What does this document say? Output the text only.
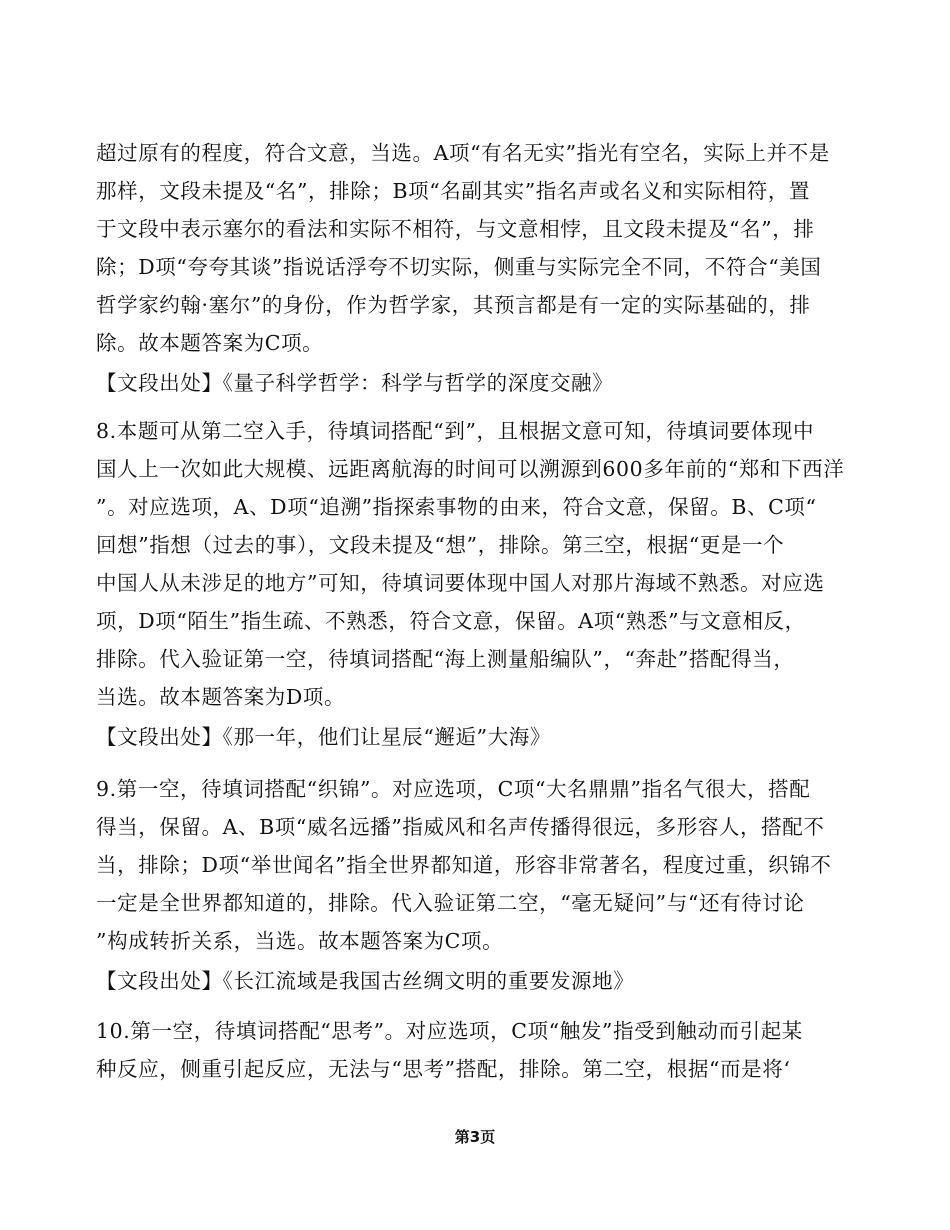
超过原有的程度，符合文意，当选。A项“有名无实”指光有空名，实际上并不是
那样，文段未提及“名”，排除；B项“名副其实”指名声或名义和实际相符，置
于文段中表示塞尔的看法和实际不相符，与文意相悖，且文段未提及“名”，排
除；D项“夸夸其谈”指说话浮夸不切实际，侧重与实际完全不同，不符合“美国
哲学家约翰·塞尔”的身份，作为哲学家，其预言都是有一定的实际基础的，排
除。故本题答案为C项。
【文段出处】《量子科学哲学：科学与哲学的深度交融》
8.本题可从第二空入手，待填词搭配“到”，且根据文意可知，待填词要体现中
国人上一次如此大规模、远距离航海的时间可以溯源到600多年前的“郑和下西洋
”。对应选项，A、D项“追溯”指探索事物的由来，符合文意，保留。B、C项“
回想”指想（过去的事），文段未提及“想”，排除。第三空，根据“更是一个
中国人从未涉足的地方”可知，待填词要体现中国人对那片海域不熟悉。对应选
项，D项“陌生”指生疏、不熟悉，符合文意，保留。A项“熟悉”与文意相反，
排除。代入验证第一空，待填词搭配“海上测量船编队”，“奔赴”搭配得当，
当选。故本题答案为D项。
【文段出处】《那一年，他们让星辰“邂逅”大海》
9.第一空，待填词搭配“织锦”。对应选项，C项“大名鼎鼎”指名气很大，搭配
得当，保留。A、B项“威名远播”指威风和名声传播得很远，多形容人，搭配不
当，排除；D项“举世闻名”指全世界都知道，形容非常著名，程度过重，织锦不
一定是全世界都知道的，排除。代入验证第二空，“毫无疑问”与“还有待讨论
”构成转折关系，当选。故本题答案为C项。
【文段出处】《长江流域是我国古丝绸文明的重要发源地》
10.第一空，待填词搭配“思考”。对应选项，C项“触发”指受到触动而引起某
种反应，侧重引起反应，无法与“思考”搭配，排除。第二空，根据“而是将‘
第3页
